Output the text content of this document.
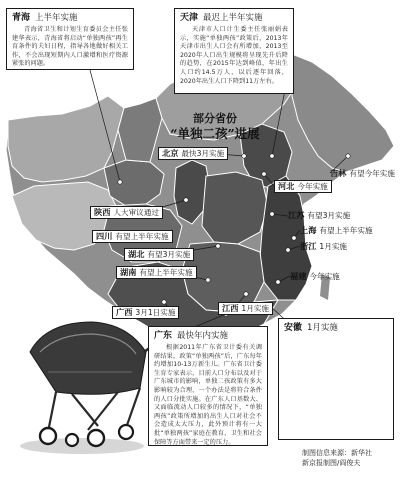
部分省份
“单独二孩”进展
青海 上半年实施
青海省卫生和计划生育委员会主任张建华表示，青海省将启动“单独两孩”再生育条件的夫妇日程，指导各地做好相关工作，不会出现短期内人口激增和医疗资源紧张的问题。
天津 最迟上半年实施
天津市人口计生委主任张丽娟表示，实施“单独两孩”政策后，2013年天津市出生人口会有所增加，2013至2020年人口出生规模将呈现先升后降的趋势，在2015年达到峰值，年出生人口约14.5万人，以后逐年回落，2020年出生人口下降到11万左右。
广东 最快年内实施
根据2011年广东省卫计委有关调研结果，政策“单独两孩”后，广东每年约增加10-13万新生儿。广东省卫计委生育专家表示，目前人口分布以及对于广东城市的影响，单独二孩政策有多大影响较为合理，一个办法是将符合条件的人口分批实施。在广东人口基数大、又面临流动人口较多的情况下，“单独两孩”政策所增加的出生人口对社会不会造成太大压力，此外预计将有一大批“单独两孩”家庭在教育、卫生和社会保障等方面带来一定的压力。
安徽 1月实施
吉林 有望今年实施
北京 最快3月实施
河北 今年实施
陕西 人大审议通过	江苏 有望3月实施
上海 有望上半年实施
四川 有望上半年实施
湖北 有望3月实施
浙江 1月实施
湖南 有望上半年实施	福建 今年实施
广西 3月1日实施	江西 1月实施
制图信息来源：新华社
新京报制图/阎俊夫
